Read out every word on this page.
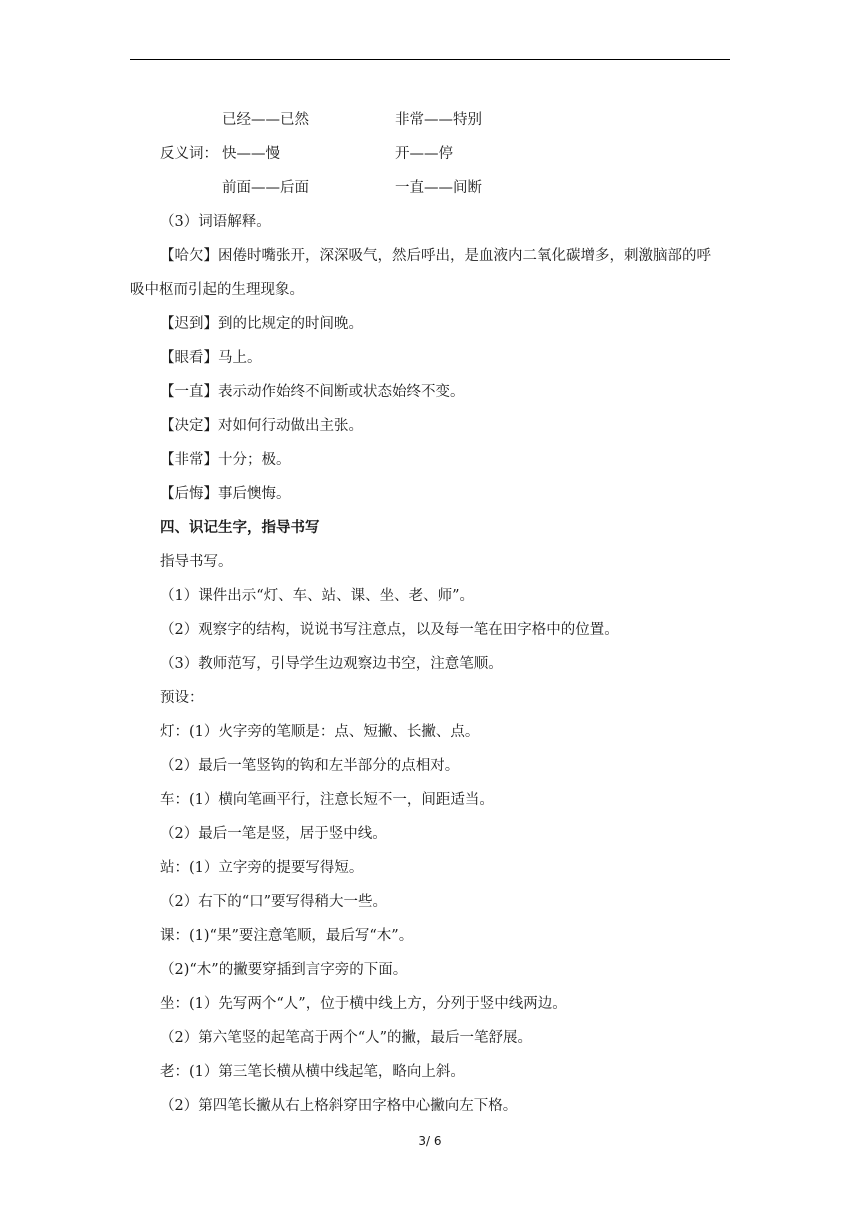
已经——已然	非常——特别
反义词： 快——慢	开——停
前面——后面	一直——间断
（3）词语解释。
【哈欠】困倦时嘴张开，深深吸气，然后呼出，是血液内二氧化碳增多，刺激脑部的呼
吸中枢而引起的生理现象。
【迟到】到的比规定的时间晚。
【眼看】马上。
【一直】表示动作始终不间断或状态始终不变。
【决定】对如何行动做出主张。
【非常】十分；极。
【后悔】事后懊悔。
四、识记生字，指导书写
指导书写。
（1）课件出示“灯、车、站、课、坐、老、师”。
（2）观察字的结构，说说书写注意点，以及每一笔在田字格中的位置。
（3）教师范写，引导学生边观察边书空，注意笔顺。
预设：
灯：(1）火字旁的笔顺是：点、短撇、长撇、点。
（2）最后一笔竖钩的钩和左半部分的点相对。
车：(1）横向笔画平行，注意长短不一，间距适当。
（2）最后一笔是竖，居于竖中线。
站：(1）立字旁的提要写得短。
（2）右下的“口”要写得稍大一些。
课：(1)“果”要注意笔顺，最后写“木”。
（2)“木”的撇要穿插到言字旁的下面。
坐：(1）先写两个“人”，位于横中线上方，分列于竖中线两边。
（2）第六笔竖的起笔高于两个“人”的撇，最后一笔舒展。
老：(1）第三笔长横从横中线起笔，略向上斜。
（2）第四笔长撇从右上格斜穿田字格中心撇向左下格。
3/ 6
